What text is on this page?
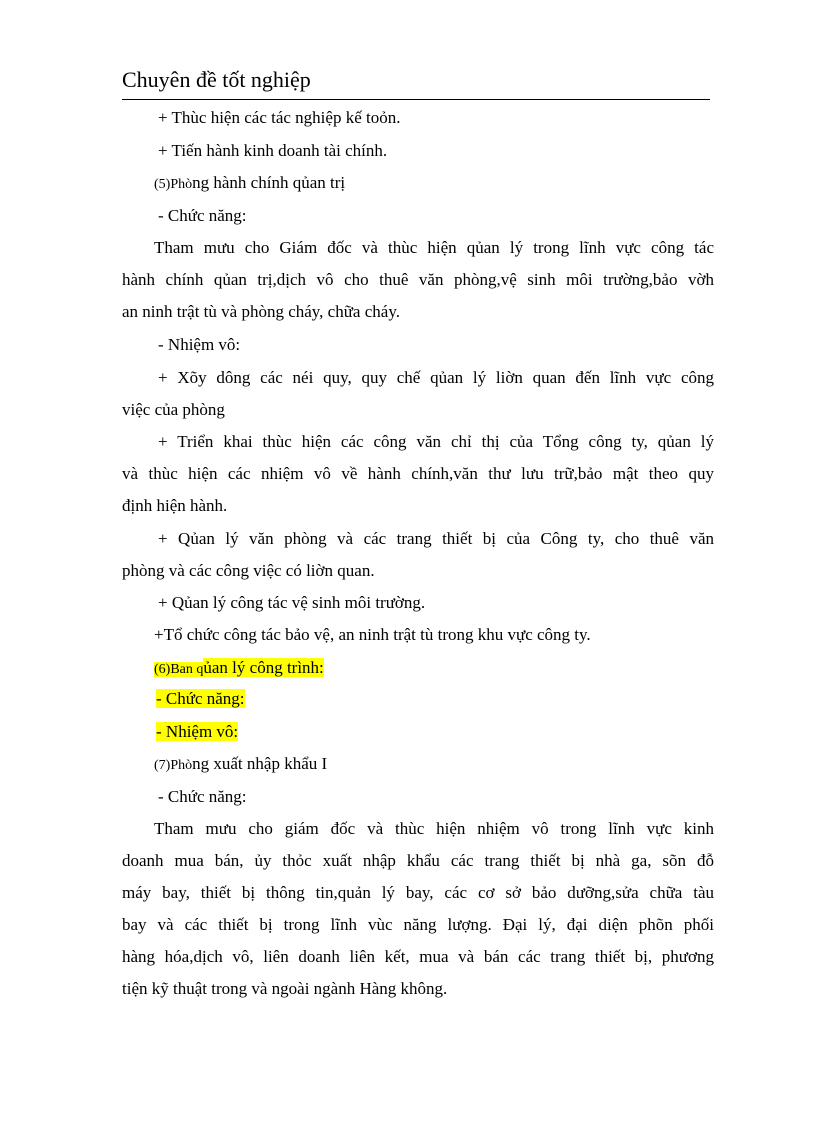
Chuyên đề tốt nghiệp
+ Thùc hiện các tác nghiệp kế toỏn.
+ Tiến hành kinh doanh tài chính.
(5)Phòng hành chính qủan trị
- Chức năng:
Tham mưu cho Giám đốc và thùc hiện qủan lý trong lĩnh vực công tác
hành chính qủan trị,dịch vô cho thuê văn phòng,vệ sinh môi trường,bảo vờh
an ninh trật tù và phòng cháy, chữa cháy.
- Nhiệm vô:
+ Xõy dông các néi quy, quy chế qủan lý liờn quan đến lĩnh vực công
việc của phòng
+ Triển khai thùc hiện các công văn chỉ thị của Tổng công ty, qủan lý
và thùc hiện các nhiệm vô về hành chính,văn thư lưu trữ,bảo mật theo quy
định hiện hành.
+ Qủan lý văn phòng và các trang thiết bị của Công ty, cho thuê văn
phòng và các công việc có liờn quan.
+ Qủan lý công tác vệ sinh môi trường.
+Tổ chức công tác bảo vệ, an ninh trật tù trong khu vực công ty.
(6)Ban qủan lý công trình:
- Chức năng:
- Nhiệm vô:
(7)Phòng xuất nhập khẩu I
- Chức năng:
Tham mưu cho giám đốc và thùc hiện nhiệm vô trong lĩnh vực kinh
doanh mua bán, ủy thỏc xuất nhập khẩu các trang thiết bị nhà ga, sõn đỗ
máy bay, thiết bị thông tin,quản lý bay, các cơ sở bảo dưỡng,sửa chữa tàu
bay và các thiết bị trong lĩnh vùc năng lượng. Đại lý, đại diện phõn phối
hàng hóa,dịch vô, liên doanh liên kết, mua và bán các trang thiết bị, phương
tiện kỹ thuật trong và ngoài ngành Hàng không.
